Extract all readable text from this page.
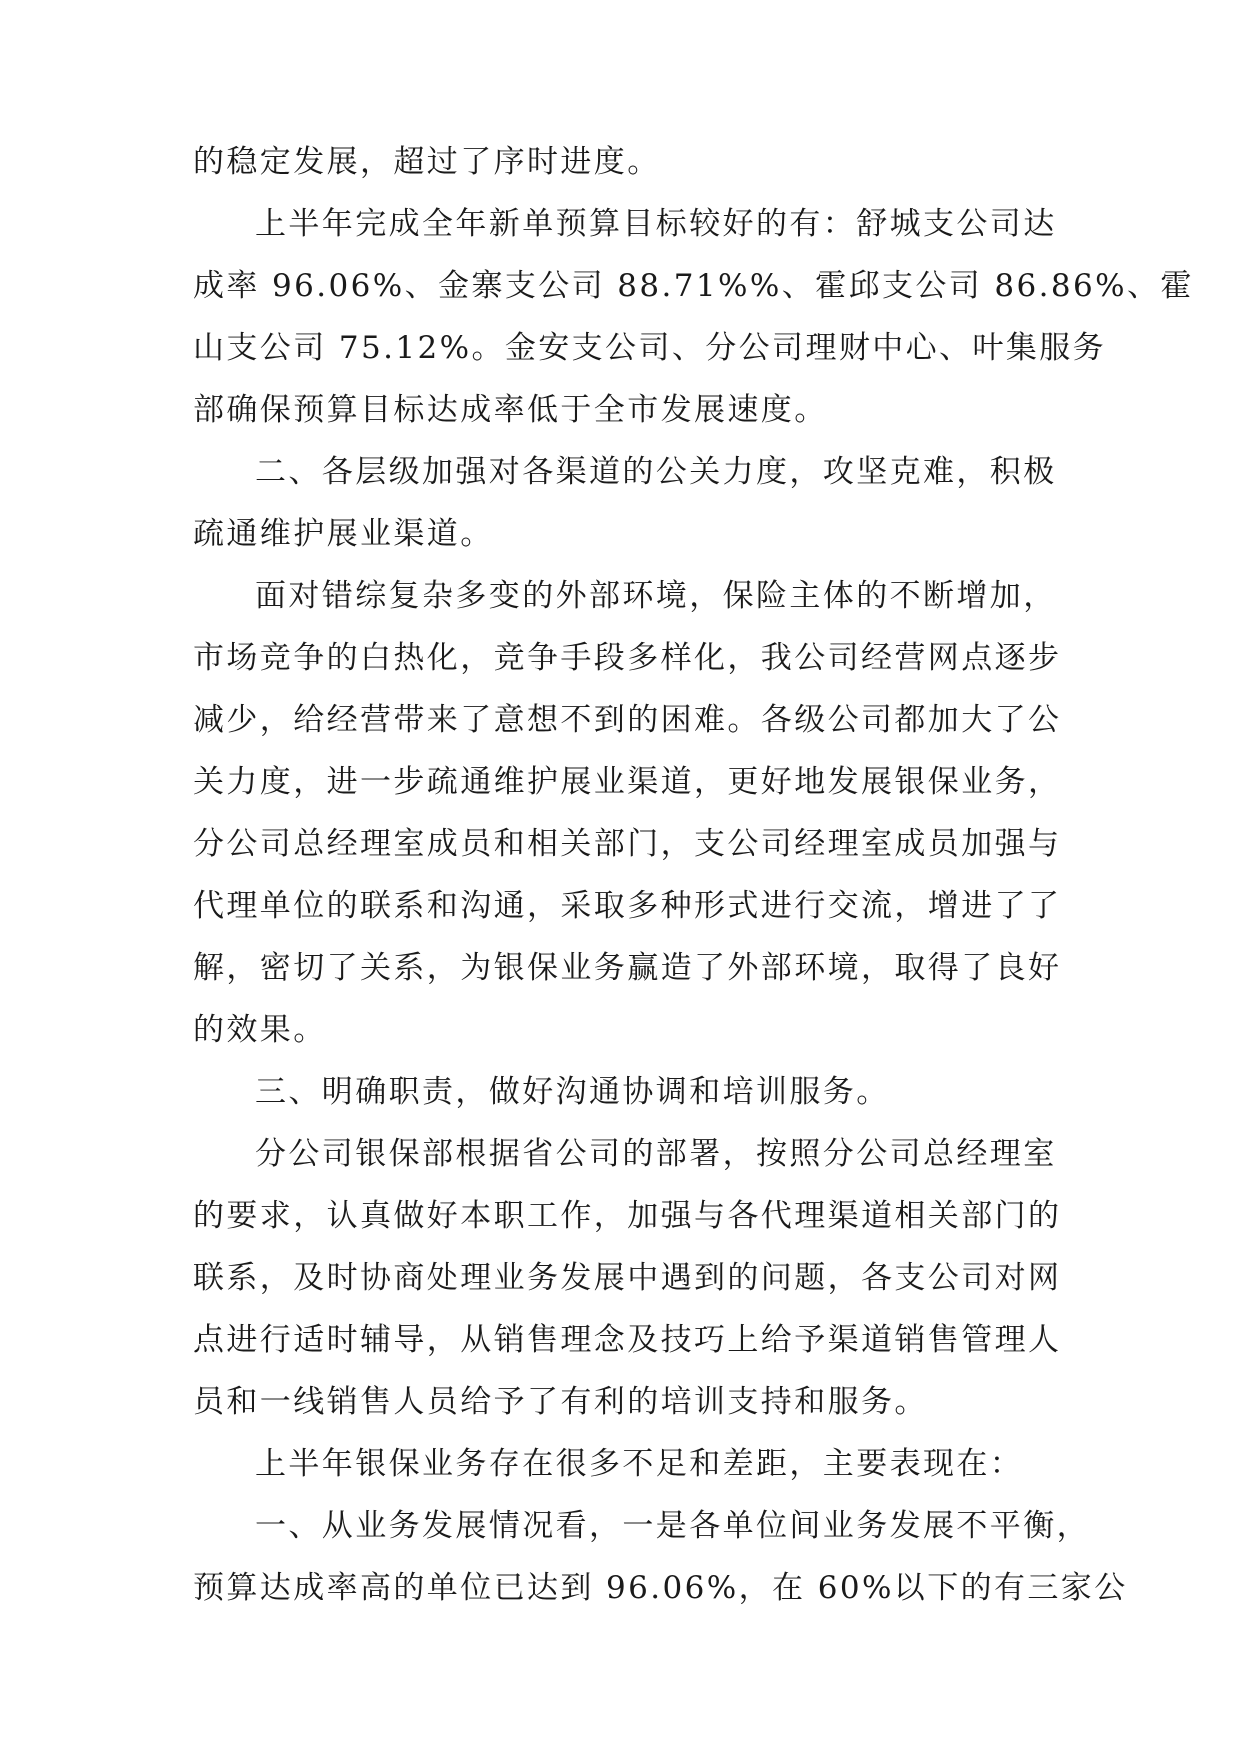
的稳定发展，超过了序时进度。
上半年完成全年新单预算目标较好的有：舒城支公司达
成率 96.06%、金寨支公司 88.71%%、霍邱支公司 86.86%、霍
山支公司 75.12%。金安支公司、分公司理财中心、叶集服务
部确保预算目标达成率低于全市发展速度。
二、各层级加强对各渠道的公关力度，攻坚克难，积极
疏通维护展业渠道。
面对错综复杂多变的外部环境，保险主体的不断增加，
市场竞争的白热化，竞争手段多样化，我公司经营网点逐步
减少，给经营带来了意想不到的困难。各级公司都加大了公
关力度，进一步疏通维护展业渠道，更好地发展银保业务，
分公司总经理室成员和相关部门，支公司经理室成员加强与
代理单位的联系和沟通，采取多种形式进行交流，增进了了
解，密切了关系，为银保业务赢造了外部环境，取得了良好
的效果。
三、明确职责，做好沟通协调和培训服务。
分公司银保部根据省公司的部署，按照分公司总经理室
的要求，认真做好本职工作，加强与各代理渠道相关部门的
联系，及时协商处理业务发展中遇到的问题，各支公司对网
点进行适时辅导，从销售理念及技巧上给予渠道销售管理人
员和一线销售人员给予了有利的培训支持和服务。
上半年银保业务存在很多不足和差距，主要表现在：
一、从业务发展情况看，一是各单位间业务发展不平衡，
预算达成率高的单位已达到 96.06%，在 60%以下的有三家公
